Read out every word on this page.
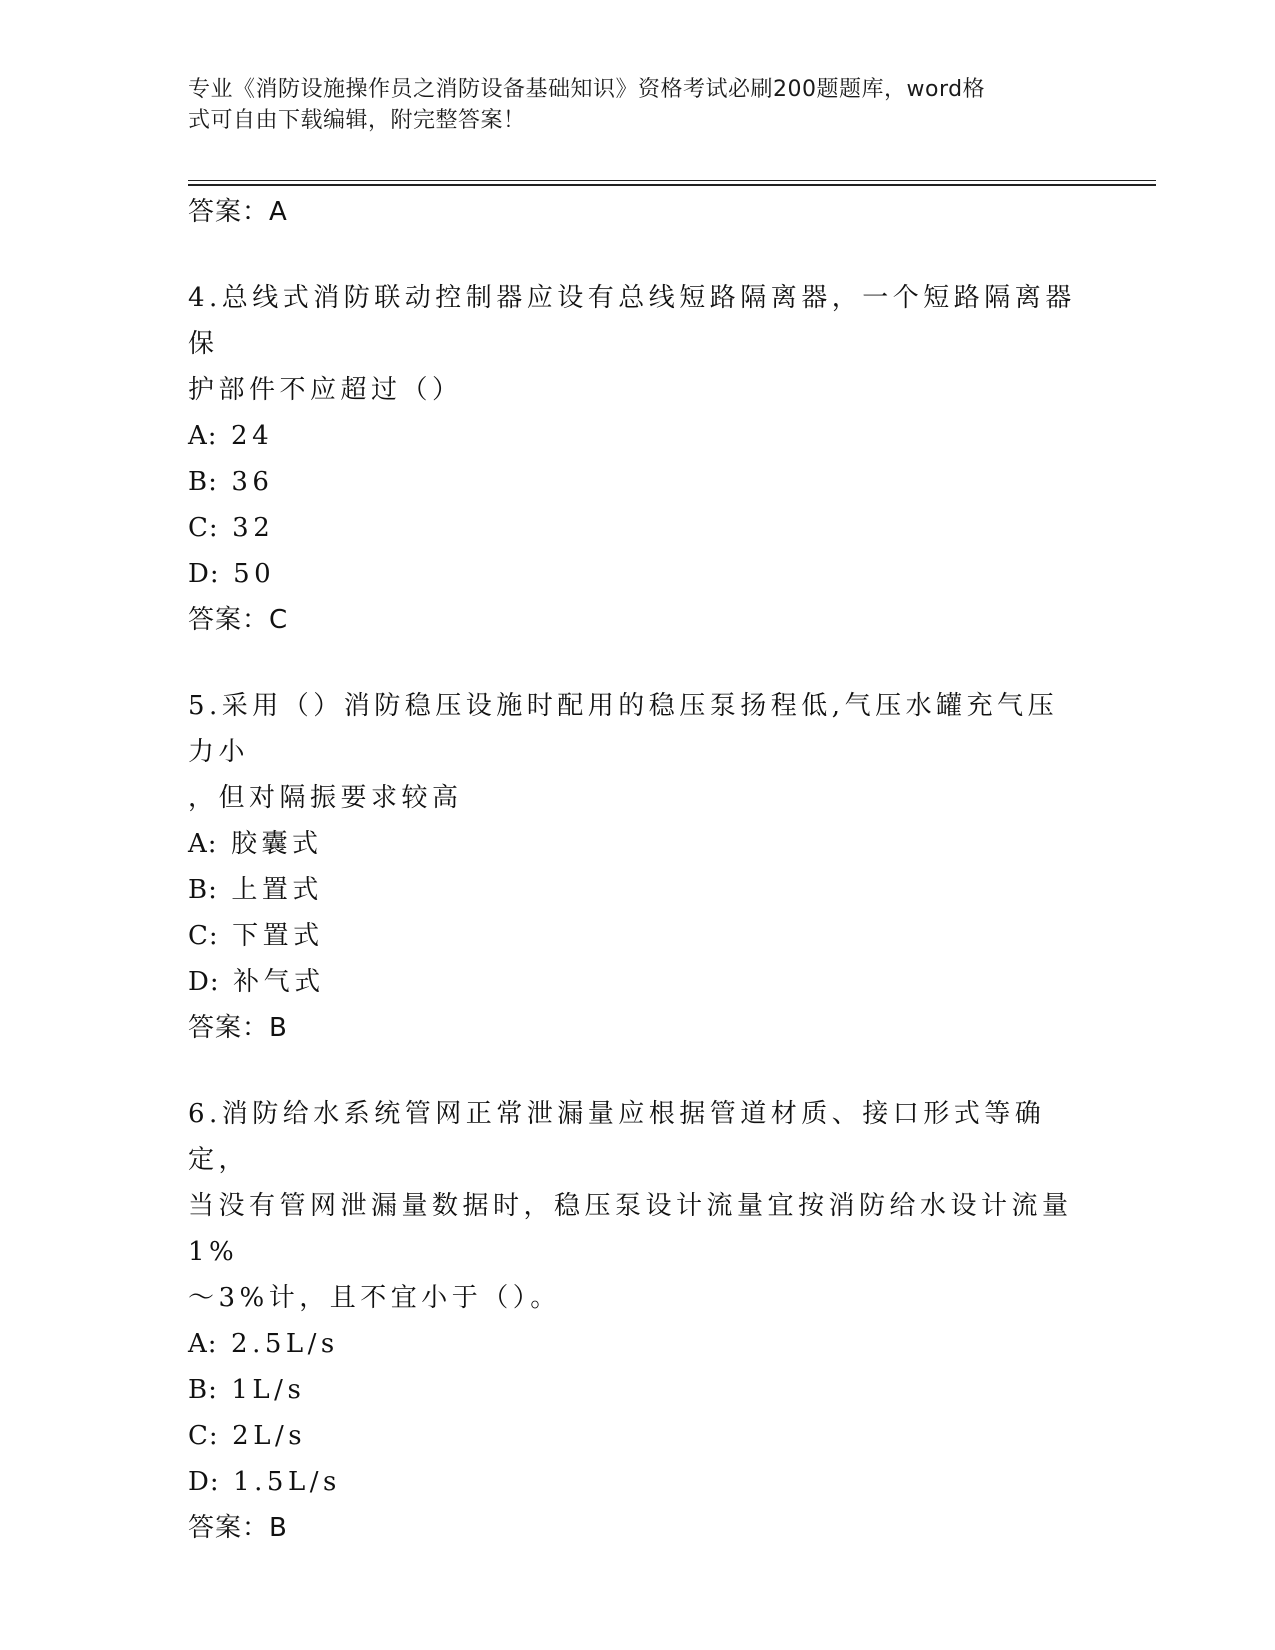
专业《消防设施操作员之消防设备基础知识》资格考试必刷200题题库，word格
式可自由下载编辑，附完整答案！
答案：A
4.总线式消防联动控制器应设有总线短路隔离器，一个短路隔离器保
护部件不应超过（）
A: 24
B: 36
C: 32
D: 50
答案：C
5.采用（）消防稳压设施时配用的稳压泵扬程低,气压水罐充气压力小
，但对隔振要求较高
A: 胶囊式
B: 上置式
C: 下置式
D: 补气式
答案：B
6.消防给水系统管网正常泄漏量应根据管道材质、接口形式等确定，
当没有管网泄漏量数据时，稳压泵设计流量宜按消防给水设计流量1%
～3%计，且不宜小于（）。
A: 2.5L/s
B: 1L/s
C: 2L/s
D: 1.5L/s
答案：B
